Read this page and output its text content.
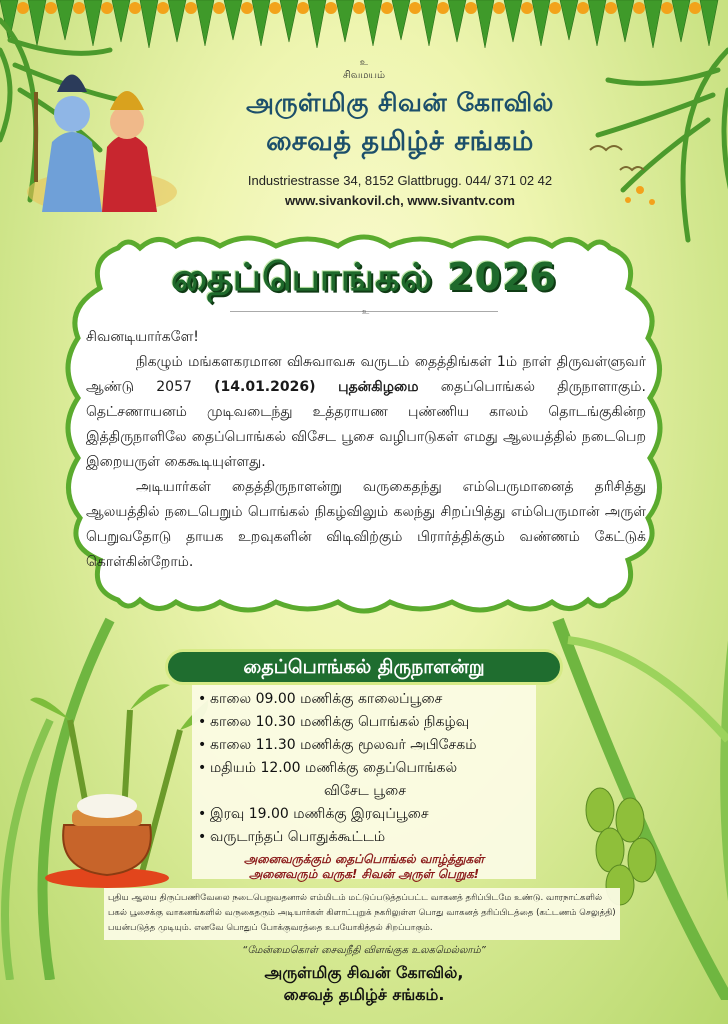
உ
சிவமயம்
அருள்மிகு சிவன் கோவில்
சைவத் தமிழ்ச் சங்கம்
Industriestrasse 34, 8152 Glattbrugg. 044/ 371 02 42
www.sivankovil.ch, www.sivantv.com
தைப்பொங்கல் 2026
உ

சிவனடியார்களே!

நிகழும் மங்களகரமான விசுவாவசு வருடம் தைத்திங்கள் 1ம் நாள் திருவள்ளுவர் ஆண்டு 2057 (14.01.2026) புதன்கிழமை தைப்பொங்கல் திருநாளாகும். தெட்சணாயனம் முடிவடைந்து உத்தராயண புண்ணிய காலம் தொடங்குகின்ற இத்திருநாளிலே தைப்பொங்கல் விசேட பூசை வழிபாடுகள் எமது ஆலயத்தில் நடைபெற இறையருள் கைகூடியுள்ளது.

அடியார்கள் தைத்திருநாளன்று வருகைதந்து எம்பெருமானைத் தரிசித்து ஆலயத்தில் நடைபெறும் பொங்கல் நிகழ்விலும் கலந்து சிறப்பித்து எம்பெருமான் அருள் பெறுவதோடு தாயக உறவுகளின் விடிவிற்கும் பிரார்த்திக்கும் வண்ணம் கேட்டுக் கொள்கின்றோம்.

தைப்பொங்கல் திருநாளன்று
• காலை 09.00 மணிக்கு காலைப்பூசை
• காலை 10.30 மணிக்கு பொங்கல் நிகழ்வு
• காலை 11.30 மணிக்கு மூலவர் அபிசேகம்
• மதியம் 12.00 மணிக்கு தைப்பொங்கல்
விசேட பூசை
• இரவு 19.00 மணிக்கு இரவுப்பூசை
• வருடாந்தப் பொதுக்கூட்டம்
அனைவருக்கும் தைப்பொங்கல் வாழ்த்துகள்
அனைவரும் வருக! சிவன் அருள் பெறுக!
புதிய ஆலய திருப்பணிவேலை நடைபெறுவதனால் எம்மிடம் மட்டுப்படுத்தப்பட்ட வாகனத் தரிப்பிடமே உண்டு. வாரநாட்களில் பகல் பூசைக்கு வாகனங்களில் வருகைதரும் அடியார்கள் கிளாட்புறுக் நகரிலுள்ள பொது வாகனத் தரிப்பிடத்தை (கட்டணம் செலுத்தி) பயன்படுத்த முடியும். எனவே பொதுப் போக்குவரத்தை உபயோகித்தல் சிறப்பாகும்.
“மேன்மைகொள் சைவநீதி விளங்குக உலகமெல்லாம்”
அருள்மிகு சிவன் கோவில்,
சைவத் தமிழ்ச் சங்கம்.
